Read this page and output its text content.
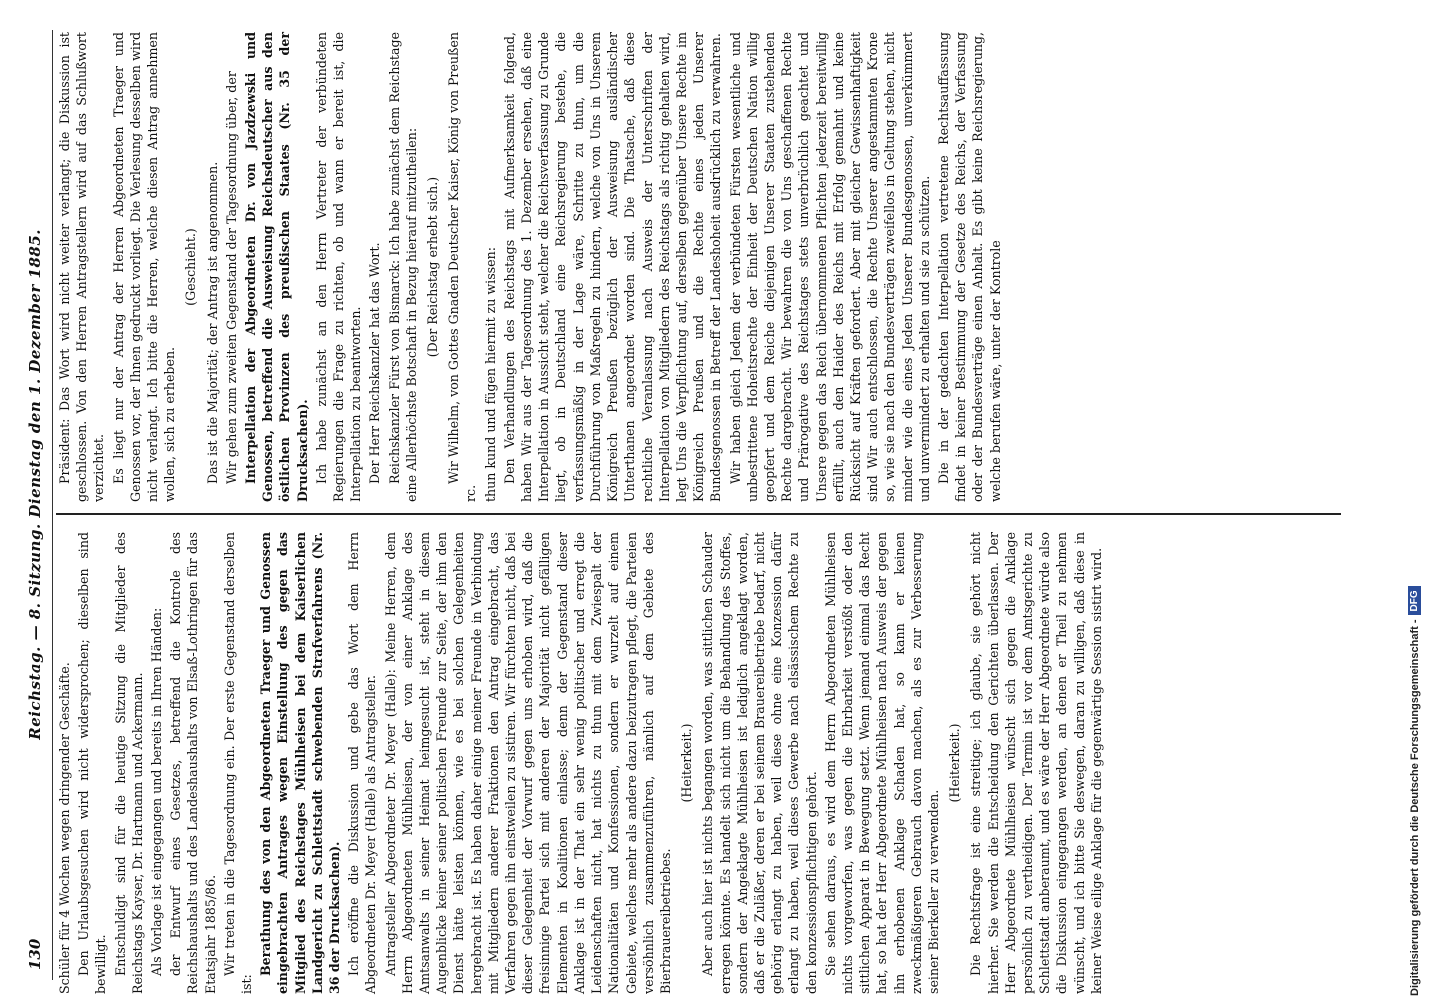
130
Reichstag. — 8. Sitzung. Dienstag den 1. Dezember 1885.

Schüler für 4 Wochen wegen dringender Geschäfte. Den Urlaubsgesuchen wird nicht widersprochen; dieselben sind bewilligt. Entschuldigt sind für die heutige Sitzung die Mitglieder des Reichstags Kayser, Dr. Hartmann und Ackermann. Als Vorlage ist eingegangen und bereits in Ihren Händen: der Entwurf eines Gesetzes, betreffend die Kontrole des Reichshaushalts und des Landeshaushalts von Elsaß-Lothringen für das Etatsjahr 1885/86. Wir treten in die Tagesordnung ein. Der erste Gegenstand derselben ist:

Berathung des von den Abgeordneten Traeger und Genossen eingebrachten Antrages wegen Einstellung des gegen das Mitglied des Reichstages Mühlheisen bei dem Kaiserlichen Landgericht zu Schlettstadt schwebenden Strafverfahrens (Nr. 36 der Drucksachen). Ich eröffne die Diskussion und gebe das Wort dem Herrn Abgeordneten Dr. Meyer (Halle) als Antragsteller. Antragsteller Abgeordneter Dr. Meyer (Halle): Meine Herren, dem Herrn Abgeordneten Mühlheisen, der von einer Anklage des Amtsanwalts in seiner Heimat heimgesucht ist, steht in diesem Augenblicke keiner seiner politischen Freunde zur Seite, der ihm den Dienst hätte leisten können, wie es bei solchen Gelegenheiten hergebracht ist. Es haben daher einige meiner Freunde in Verbindung mit Mitgliedern anderer Fraktionen den Antrag eingebracht, das Verfahren gegen ihn einstweilen zu sistiren. Wir fürchten nicht, daß bei dieser Gelegenheit der Vorwurf gegen uns erhoben wird, daß die freisinnige Partei sich mit anderen der Majorität nicht gefälligen Elementen in Koalitionen einlasse; denn der Gegenstand dieser Anklage ist in der That ein sehr wenig politischer und erregt die Leidenschaften nicht, hat nichts zu thun mit dem Zwiespalt der Nationalitäten und Konfessionen, sondern er wurzelt auf einem Gebiete, welches mehr als andere dazu beizutragen pflegt, die Parteien versöhnlich zusammenzuführen, nämlich auf dem Gebiete des Bierbrauereibetriebes.

(Heiterkeit.) Aber auch hier ist nichts begangen worden, was sittlichen Schauder erregen könnte. Es handelt sich nicht um die Behandlung des Stoffes, sondern der Angeklagte Mühlheisen ist lediglich angeklagt worden, daß er die Zuläßer, deren er bei seinem Brauereibetriebe bedarf, nicht gehörig erlangt zu haben, weil diese ohne eine Konzession dafür erlangt zu haben, weil dieses Gewerbe nach elsässischem Rechte zu den konzessionspflichtigen gehört. Sie sehen daraus, es wird dem Herrn Abgeordneten Mühlheisen nichts vorgeworfen, was gegen die Ehrbarkeit verstößt oder den sittlichen Apparat in Bewegung setzt. Wenn jemand einmal das Recht hat, so hat der Herr Abgeordnete Mühlheisen nach Ausweis der gegen ihn erhobenen Anklage Schaden hat, so kann er keinen zweckmäßigeren Gebrauch davon machen, als es zur Verbesserung seiner Bierkeller zu verwenden.

(Heiterkeit.) Die Rechtsfrage ist eine streitige; ich glaube, sie gehört nicht hierher. Sie werden die Entscheidung den Gerichten überlassen. Der Herr Abgeordnete Mühlheisen wünscht sich gegen die Anklage persönlich zu vertheidigen. Der Termin ist vor dem Amtsgerichte zu Schlettstadt anberaumt, und es wäre der Herr Abgeordnete würde also die Diskussion eingegangen werden, an denen er Theil zu nehmen wünscht, und ich bitte Sie deswegen, daran zu willigen, daß diese in keiner Weise eilige Anklage für die gegenwärtige Session sistirt wird.

Präsident: Das Wort wird nicht weiter verlangt; die Diskussion ist geschlossen. Von den Herren Antragstellern wird auf das Schlußwort verzichtet. Es liegt nur der Antrag der Herren Abgeordneten Traeger und Genossen vor, der Ihnen gedruckt vorliegt. Die Verlesung desselben wird nicht verlangt. Ich bitte die Herren, welche diesen Antrag annehmen wollen, sich zu erheben.

(Geschieht.) Das ist die Majorität; der Antrag ist angenommen. Wir gehen zum zweiten Gegenstand der Tagesordnung über, der Interpellation der Abgeordneten Dr. von Jazdzewski und Genossen, betreffend die Ausweisung Reichsdeutscher aus den östlichen Provinzen des preußischen Staates (Nr. 35 der Drucksachen). Ich habe zunächst an den Herrn Vertreter der verbündeten Regierungen die Frage zu richten, ob und wann er bereit ist, die Interpellation zu beantworten. Der Herr Reichskanzler hat das Wort. Reichskanzler Fürst von Bismarck: Ich habe zunächst dem Reichstage eine Allerhöchste Botschaft in Bezug hierauf mitzutheilen: (Der Reichstag erhebt sich.) Wir Wilhelm, von Gottes Gnaden Deutscher Kaiser, König von Preußen rc. thun kund und fügen hiermit zu wissen: Den Verhandlungen des Reichstags mit Aufmerksamkeit folgend, haben Wir aus der Tagesordnung des 1. Dezember ersehen, daß eine Interpellation in Aussicht steht, welcher die Reichsverfassung zu Grunde liegt, ob in Deutschland eine Reichsregierung bestehe, die verfassungsmäßig in der Lage wäre, Schritte zu thun, um die Durchführung von Maßregeln zu hindern, welche von Uns in Unserem Königreich Preußen bezüglich der Ausweisung ausländischer Unterthanen angeordnet worden sind. Die Thatsache, daß diese rechtliche Veranlassung nach Ausweis der Unterschriften der Interpellation von Mitgliedern des Reichstags als richtig gehalten wird, legt Uns die Verpflichtung auf, derselben gegenüber Unsere Rechte im Königreich Preußen und die Rechte eines jeden Unserer Bundesgenossen in Betreff der Landeshoheit ausdrücklich zu verwahren. Wir haben gleich Jedem der verbündeten Fürsten wesentliche und unbestrittene Hoheitsrechte der Einheit der Deutschen Nation willig geopfert und dem Reiche diejenigen Unserer Staaten zustehenden Rechte dargebracht. Wir bewahren die von Uns geschaffenen Rechte und Prärogative des Reichstages stets unverbrüchlich geachtet und Unsere gegen das Reich übernommenen Pflichten jederzeit bereitwillig erfüllt, auch den Haider des Reichs mit Erfolg gemahnt und keine Rücksicht auf Kräften gefordert. Aber mit gleicher Gewissenhaftigkeit sind Wir auch entschlossen, die Rechte Unserer angestammten Krone so, wie sie nach den Bundesverträgen zweifellos in Geltung stehen, nicht minder wie die eines Jeden Unserer Bundesgenossen, unverkümmert und unvermindert zu erhalten und sie zu schützen. Die in der gedachten Interpellation vertretene Rechtsauffassung findet in keiner Bestimmung der Gesetze des Reichs, der Verfassung oder der Bundesverträge einen Anhalt. Es gibt keine Reichsregierung, welche berufen wäre, unter der Kontrole

Digitalisierung gefördert durch die Deutsche Forschungsgemeinschaft -
DFG
